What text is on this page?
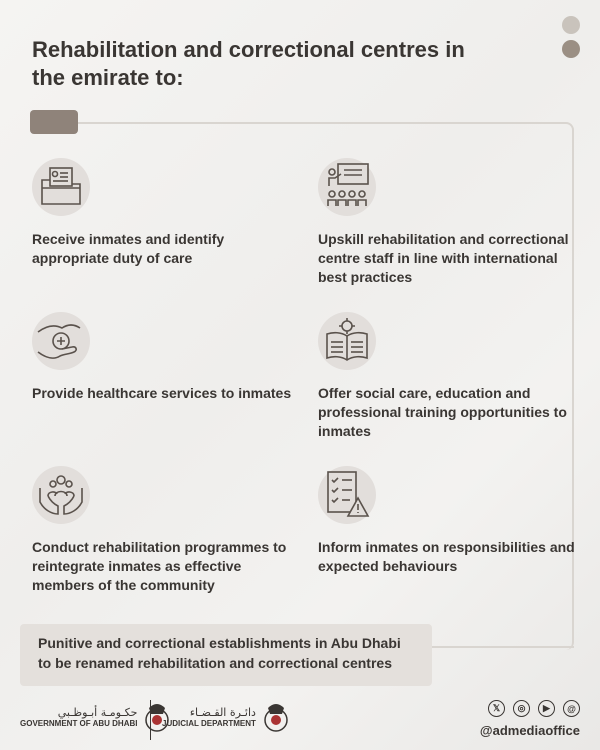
Rehabilitation and correctional centres in the emirate to:
Receive inmates and identify appropriate duty of care
Upskill rehabilitation and correctional centre staff in line with international best practices
Provide healthcare services to inmates Offer social care, education and professional training opportunities to inmates
Conduct rehabilitation programmes to reintegrate inmates as effective members of the community
Inform inmates on responsibilities and expected behaviours
Punitive and correctional establishments in Abu Dhabi
to be renamed rehabilitation and correctional centres
حكـومـة أبـوظـبي
GOVERNMENT OF ABU DHABI
دائـرة القـضـاء
JUDICIAL DEPARTMENT
𝕏	◎	▶	@
@admediaoffice
